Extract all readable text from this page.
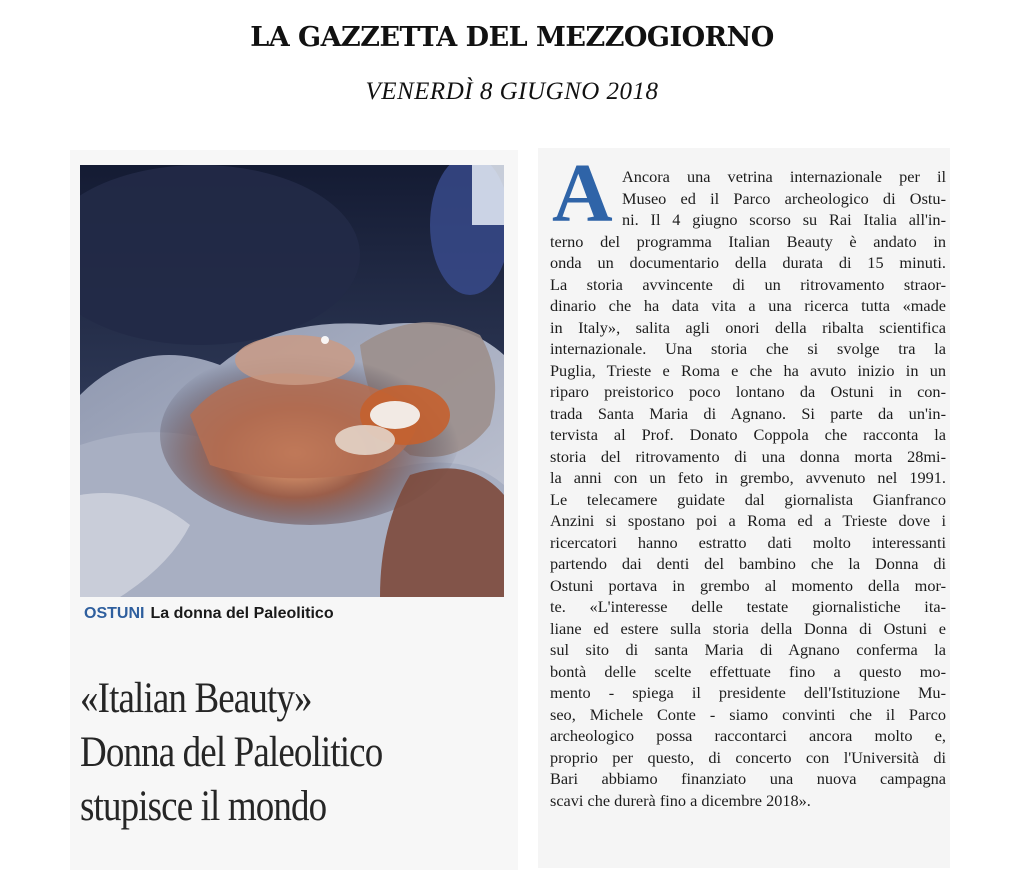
LA GAZZETTA DEL MEZZOGIORNO
VENERDÌ 8 GIUGNO 2018
OSTUNI La donna del Paleolitico
«Italian Beauty»
Donna del Paleolitico
stupisce il mondo
A Ancora una vetrina internazionale per il
Museo ed il Parco archeologico di Ostu-
ni. Il 4 giugno scorso su Rai Italia all'in-
terno del programma Italian Beauty è andato in
onda un documentario della durata di 15 minuti.
La storia avvincente di un ritrovamento straor-
dinario che ha data vita a una ricerca tutta «made
in Italy», salita agli onori della ribalta scientifica
internazionale. Una storia che si svolge tra la
Puglia, Trieste e Roma e che ha avuto inizio in un
riparo preistorico poco lontano da Ostuni in con-
trada Santa Maria di Agnano. Si parte da un'in-
tervista al Prof. Donato Coppola che racconta la
storia del ritrovamento di una donna morta 28mi-
la anni con un feto in grembo, avvenuto nel 1991.
Le telecamere guidate dal giornalista Gianfranco
Anzini si spostano poi a Roma ed a Trieste dove i
ricercatori hanno estratto dati molto interessanti
partendo dai denti del bambino che la Donna di
Ostuni portava in grembo al momento della mor-
te. «L'interesse delle testate giornalistiche ita-
liane ed estere sulla storia della Donna di Ostuni e
sul sito di santa Maria di Agnano conferma la
bontà delle scelte effettuate fino a questo mo-
mento - spiega il presidente dell'Istituzione Mu-
seo, Michele Conte - siamo convinti che il Parco
archeologico possa raccontarci ancora molto e,
proprio per questo, di concerto con l'Università di
Bari abbiamo finanziato una nuova campagna
scavi che durerà fino a dicembre 2018».
